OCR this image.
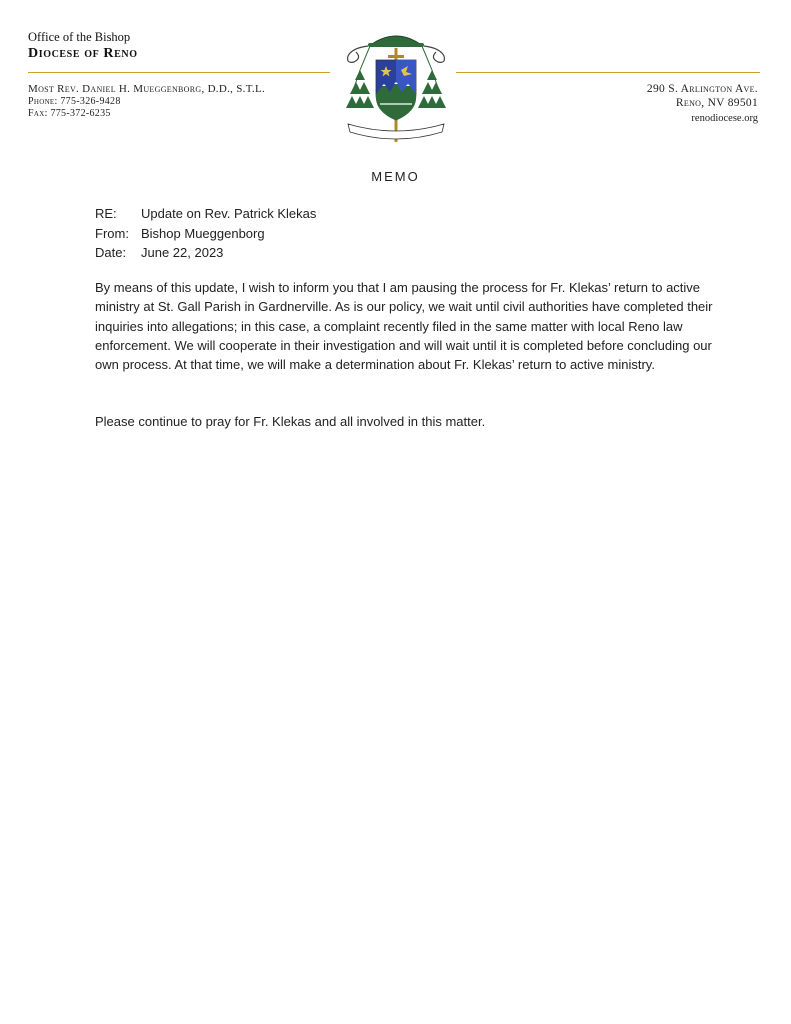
Office of the Bishop
Diocese of Reno
Most Rev. Daniel H. Mueggenborg, D.D., S.T.L.
Phone: 775-326-9428
Fax: 775-372-6235
290 S. Arlington Ave.
Reno, NV 89501
renodiocese.org
MEMO
RE: Update on Rev. Patrick Klekas
From: Bishop Mueggenborg
Date: June 22, 2023

By means of this update, I wish to inform you that I am pausing the process for Fr. Klekas’ return to active ministry at St. Gall Parish in Gardnerville. As is our policy, we wait until civil authorities have completed their inquiries into allegations; in this case, a complaint recently filed in the same matter with local Reno law enforcement. We will cooperate in their investigation and will wait until it is completed before concluding our own process. At that time, we will make a determination about Fr. Klekas’ return to active ministry.

Please continue to pray for Fr. Klekas and all involved in this matter.
